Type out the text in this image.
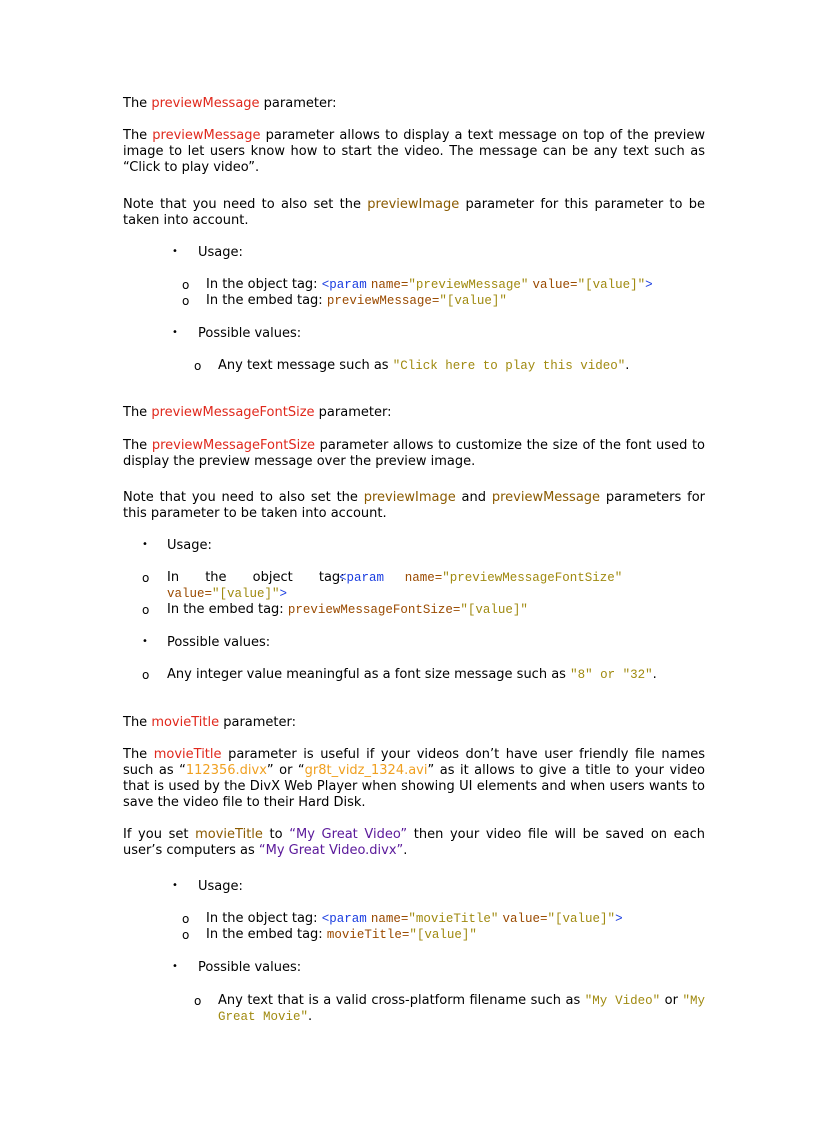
The previewMessage parameter:

The previewMessage parameter allows to display a text message on top of the preview image to let users know how to start the video. The message can be any text such as “Click to play video”.

Note that you need to also set the previewImage parameter for this parameter to be taken into account.

• Usage:
o In the object tag: <param name="previewMessage" value="[value]">
o In the embed tag: previewMessage="[value]"
• Possible values:
o Any text message such as "Click here to play this video".

The previewMessageFontSize parameter:

The previewMessageFontSize parameter allows to customize the size of the font used to display the preview message over the preview image.

Note that you need to also set the previewImage and previewMessage parameters for this parameter to be taken into account.

• Usage:
o In the object tag:<param name="previewMessageFontSize"
value="[value]">
o In the embed tag: previewMessageFontSize="[value]"
• Possible values:
o Any integer value meaningful as a font size message such as "8" or "32".

The movieTitle parameter:

The movieTitle parameter is useful if your videos don’t have user friendly file names such as “112356.divx” or “gr8t_vidz_1324.avi” as it allows to give a title to your video that is used by the DivX Web Player when showing UI elements and when users wants to save the video file to their Hard Disk.

If you set movieTitle to “My Great Video” then your video file will be saved on each user’s computers as “My Great Video.divx”.

• Usage:
o In the object tag: <param name="movieTitle" value="[value]">
o In the embed tag: movieTitle="[value]"
• Possible values:
o Any text that is a valid cross-platform filename such as "My Video" or "My Great Movie".
